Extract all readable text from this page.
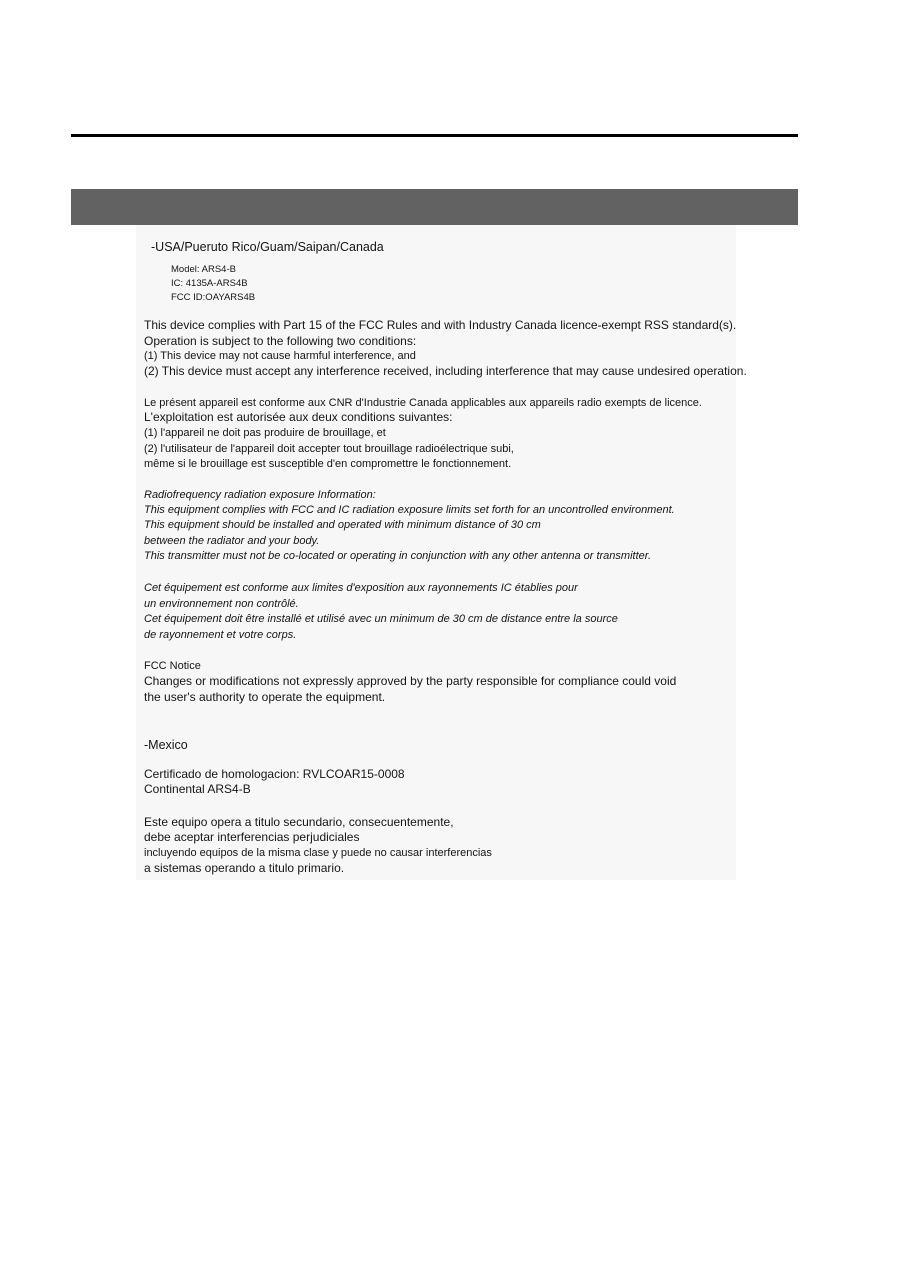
-USA/Pueruto Rico/Guam/Saipan/Canada
Model: ARS4-B
IC: 4135A-ARS4B
FCC ID:OAYARS4B
This device complies with Part 15 of the FCC Rules and with Industry Canada licence-exempt RSS standard(s).
Operation is subject to the following two conditions:
(1) This device may not cause harmful interference, and
(2) This device must accept any interference received, including interference that may cause undesired operation.
Le présent appareil est conforme aux CNR d'Industrie Canada applicables aux appareils radio exempts de licence.
L'exploitation est autorisée aux deux conditions suivantes:
(1) l'appareil ne doit pas produire de brouillage, et
(2) l'utilisateur de l'appareil doit accepter tout brouillage radioélectrique subi,
même si le brouillage est susceptible d'en compromettre le fonctionnement.
Radiofrequency radiation exposure Information:
This equipment complies with FCC and IC radiation exposure limits set forth for an uncontrolled environment.
This equipment should be installed and operated with minimum distance of 30 cm
between the radiator and your body.
This transmitter must not be co-located or operating in conjunction with any other antenna or transmitter.
Cet équipement est conforme aux limites d'exposition aux rayonnements IC établies pour
un environnement non contrôlé.
Cet équipement doit être installé et utilisé avec un minimum de 30 cm de distance entre la source
de rayonnement et votre corps.
FCC Notice
Changes or modifications not expressly approved by the party responsible for compliance could void
the user's authority to operate the equipment.
-Mexico
Certificado de homologacion: RVLCOAR15-0008
Continental ARS4-B
Este equipo opera a titulo secundario, consecuentemente,
debe aceptar interferencias perjudiciales
incluyendo equipos de la misma clase y puede no causar interferencias
a sistemas operando a titulo primario.
